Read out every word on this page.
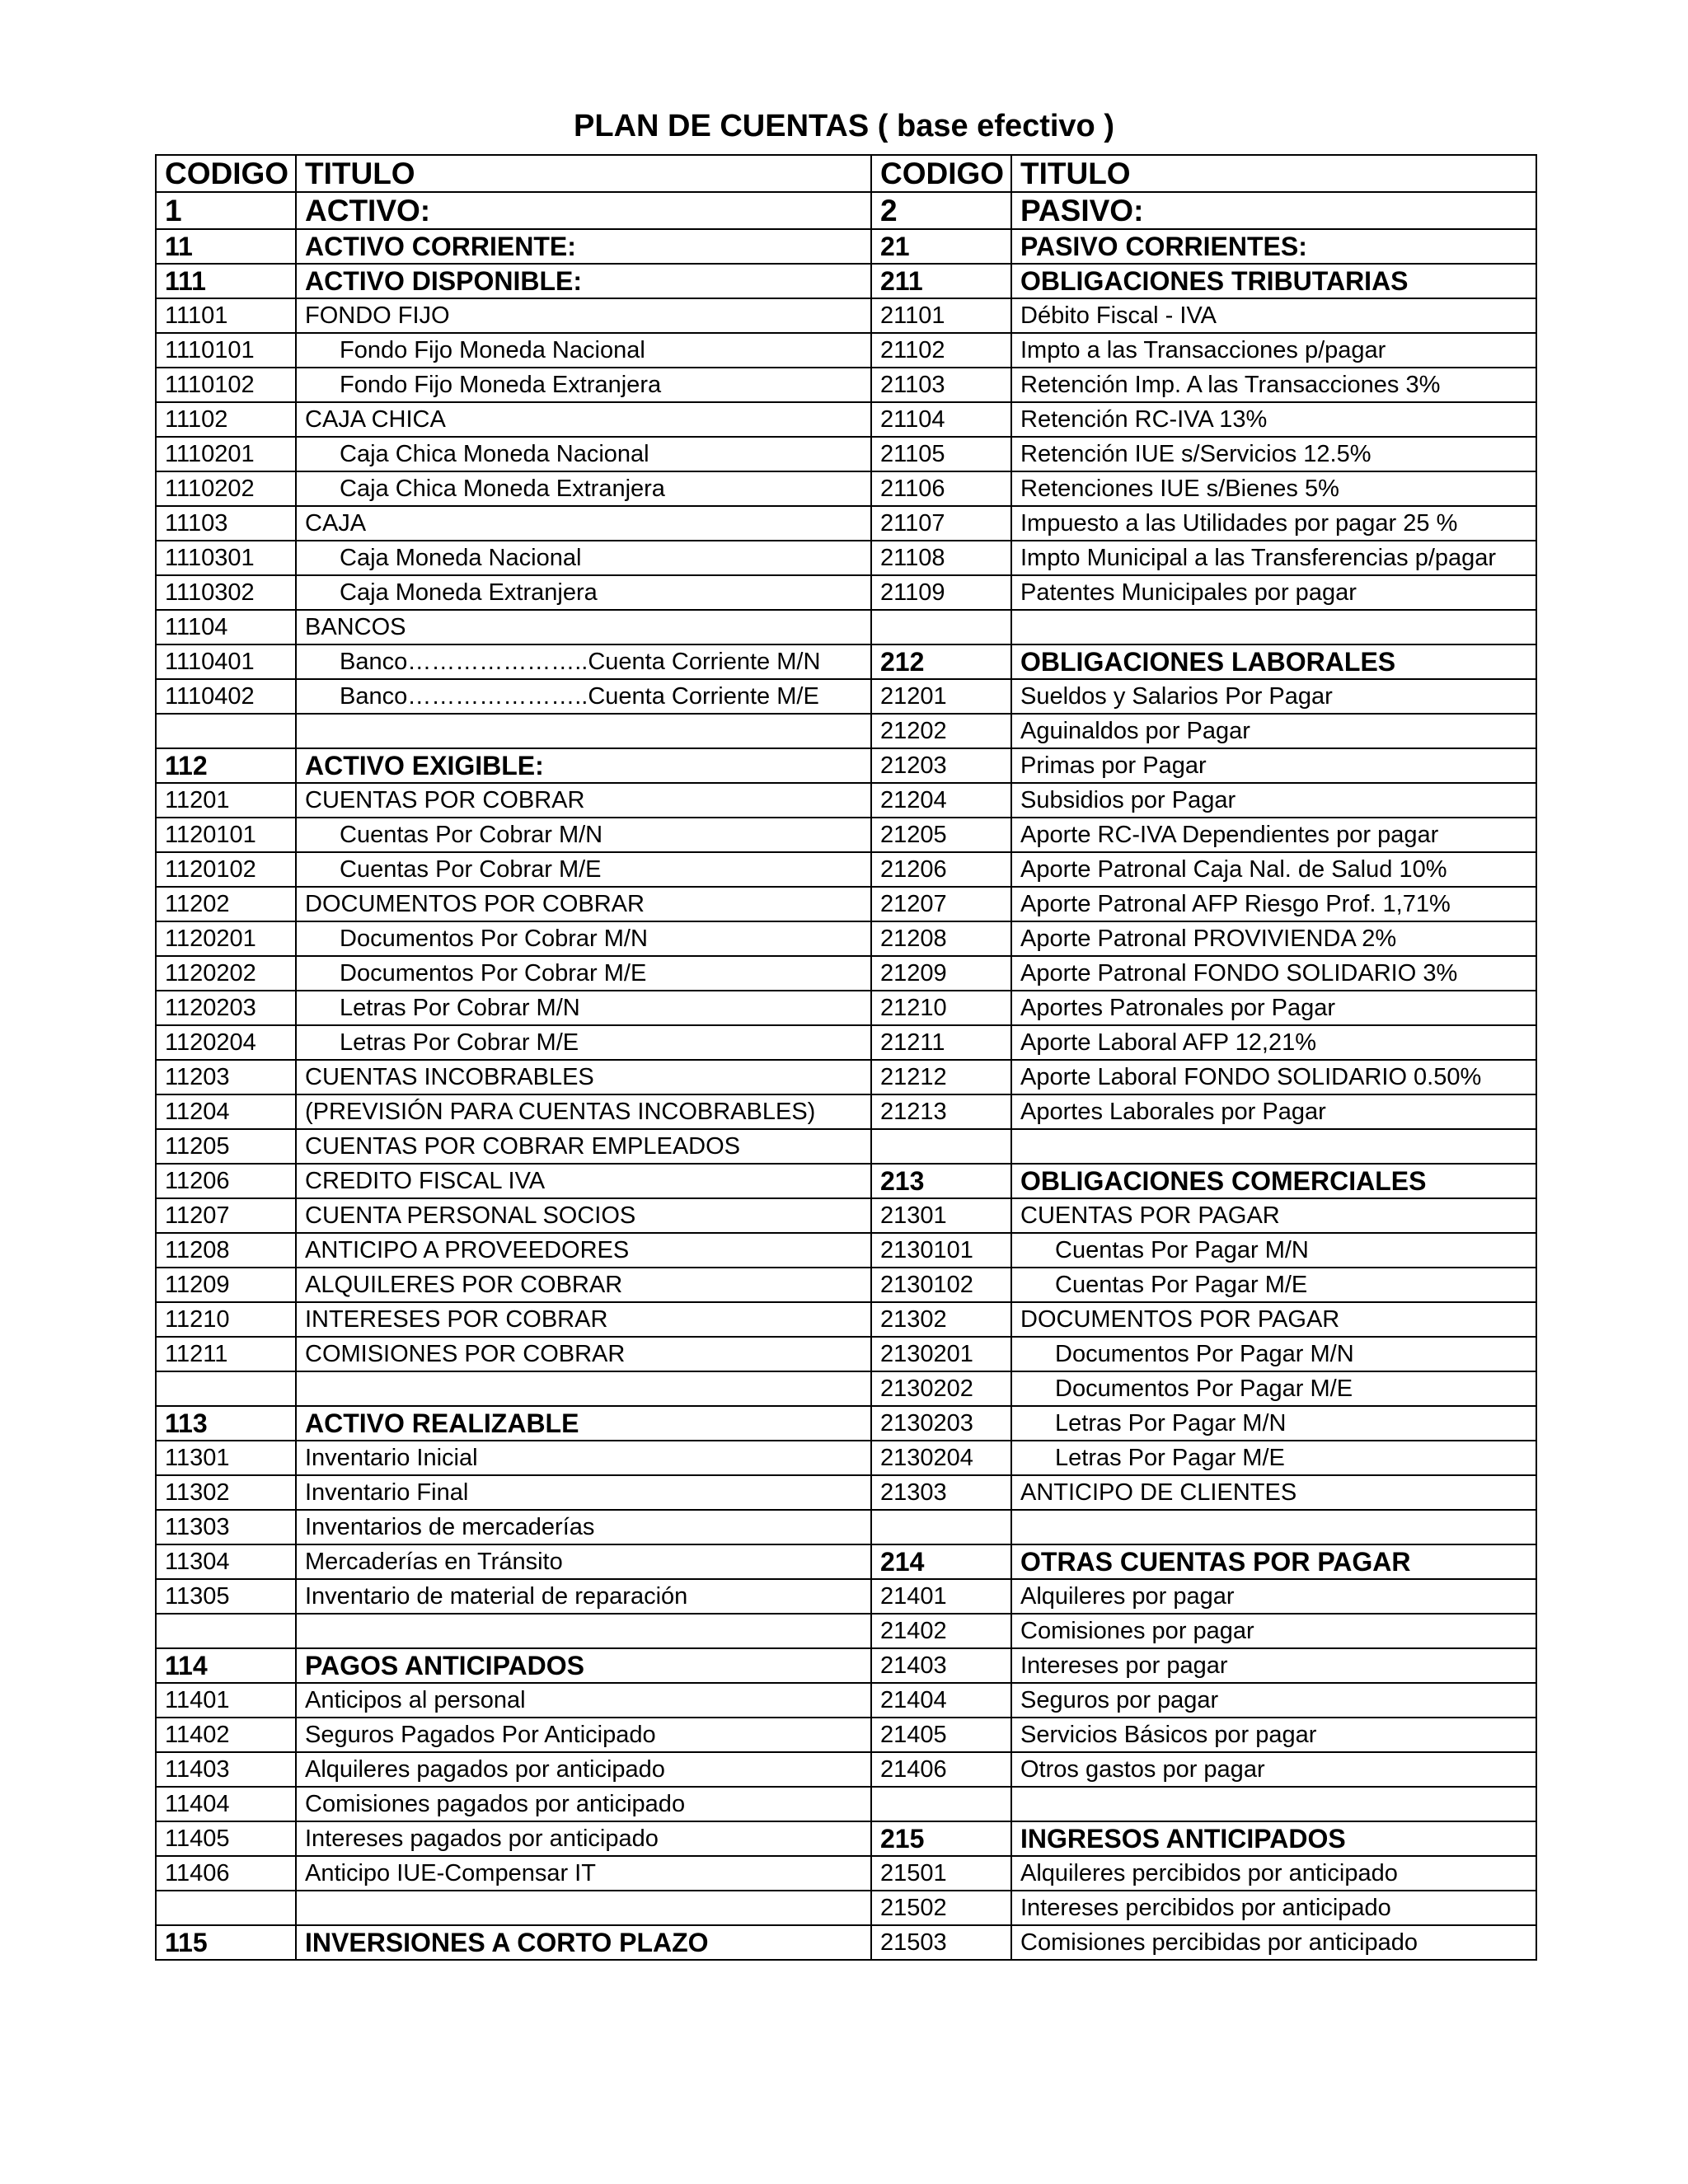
PLAN DE CUENTAS ( base efectivo )
CODIGO	TITULO	CODIGO	TITULO
1	ACTIVO:	2	PASIVO:
11	ACTIVO CORRIENTE:	21	PASIVO CORRIENTES:
111	ACTIVO DISPONIBLE:	211	OBLIGACIONES TRIBUTARIAS
11101	FONDO FIJO	21101	Débito Fiscal - IVA
1110101	Fondo Fijo Moneda Nacional	21102	Impto a las Transacciones p/pagar
1110102	Fondo Fijo Moneda Extranjera	21103	Retención Imp. A las Transacciones 3%
11102	CAJA CHICA	21104	Retención RC-IVA 13%
1110201	Caja Chica Moneda Nacional	21105	Retención IUE s/Servicios 12.5%
1110202	Caja Chica Moneda Extranjera	21106	Retenciones IUE s/Bienes 5%
11103	CAJA	21107	Impuesto a las Utilidades por pagar 25 %
1110301	Caja Moneda Nacional	21108	Impto Municipal a las Transferencias p/pagar
1110302	Caja Moneda Extranjera	21109	Patentes Municipales por pagar
11104	BANCOS		
1110401	Banco…………………..Cuenta Corriente M/N	212	OBLIGACIONES LABORALES
1110402	Banco…………………..Cuenta Corriente M/E	21201	Sueldos y Salarios Por Pagar
		21202	Aguinaldos por Pagar
112	ACTIVO EXIGIBLE:	21203	Primas por Pagar
11201	CUENTAS POR COBRAR	21204	Subsidios por Pagar
1120101	Cuentas Por Cobrar M/N	21205	Aporte RC-IVA Dependientes por pagar
1120102	Cuentas Por Cobrar M/E	21206	Aporte Patronal Caja Nal. de Salud 10%
11202	DOCUMENTOS POR COBRAR	21207	Aporte Patronal AFP Riesgo Prof. 1,71%
1120201	Documentos Por Cobrar M/N	21208	Aporte Patronal PROVIVIENDA 2%
1120202	Documentos Por Cobrar M/E	21209	Aporte Patronal FONDO SOLIDARIO 3%
1120203	Letras Por Cobrar M/N	21210	Aportes Patronales por Pagar
1120204	Letras Por Cobrar M/E	21211	Aporte Laboral AFP 12,21%
11203	CUENTAS INCOBRABLES	21212	Aporte Laboral FONDO SOLIDARIO 0.50%
11204	(PREVISIÓN PARA CUENTAS INCOBRABLES)	21213	Aportes Laborales por Pagar
11205	CUENTAS POR COBRAR EMPLEADOS		
11206	CREDITO FISCAL IVA	213	OBLIGACIONES COMERCIALES
11207	CUENTA PERSONAL SOCIOS	21301	CUENTAS POR PAGAR
11208	ANTICIPO A PROVEEDORES	2130101	Cuentas Por Pagar M/N
11209	ALQUILERES POR COBRAR	2130102	Cuentas Por Pagar M/E
11210	INTERESES POR COBRAR	21302	DOCUMENTOS POR PAGAR
11211	COMISIONES POR COBRAR	2130201	Documentos Por Pagar M/N
		2130202	Documentos Por Pagar M/E
113	ACTIVO REALIZABLE	2130203	Letras Por Pagar M/N
11301	Inventario Inicial	2130204	Letras Por Pagar M/E
11302	Inventario Final	21303	ANTICIPO DE CLIENTES
11303	Inventarios de mercaderías		
11304	Mercaderías en Tránsito	214	OTRAS CUENTAS POR PAGAR
11305	Inventario de material de reparación	21401	Alquileres por pagar
		21402	Comisiones por pagar
114	PAGOS ANTICIPADOS	21403	Intereses por pagar
11401	Anticipos al personal	21404	Seguros por pagar
11402	Seguros Pagados Por Anticipado	21405	Servicios Básicos por pagar
11403	Alquileres pagados por anticipado	21406	Otros gastos por pagar
11404	Comisiones pagados por anticipado		
11405	Intereses pagados por anticipado	215	INGRESOS ANTICIPADOS
11406	Anticipo IUE-Compensar IT	21501	Alquileres percibidos por anticipado
		21502	Intereses percibidos por anticipado
115	INVERSIONES A CORTO PLAZO	21503	Comisiones percibidas por anticipado
